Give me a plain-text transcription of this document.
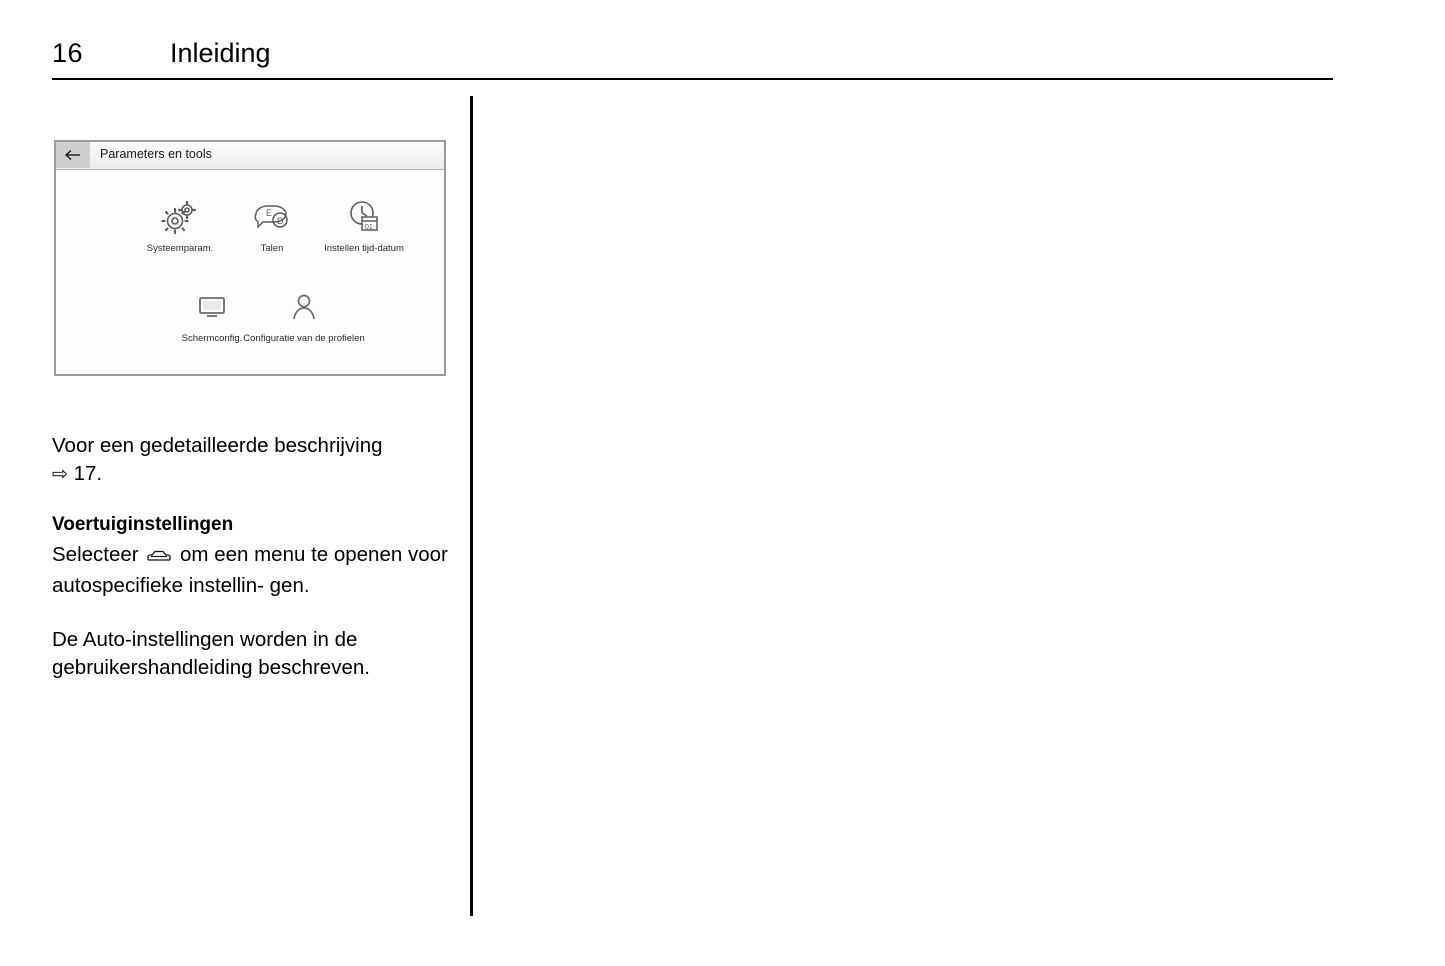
16	Inleiding
Parameters en tools
Systeemparam.
E
D
Talen
01
Instellen tijd-datum
Schermconfig. Configuratie van de profielen

Voor een gedetailleerde beschrijving
⇨ 17.

Voertuiginstellingen

Selecteer om een menu te openen voor autospecifieke instellin- gen.

De Auto-instellingen worden in de gebruikershandleiding beschreven.
